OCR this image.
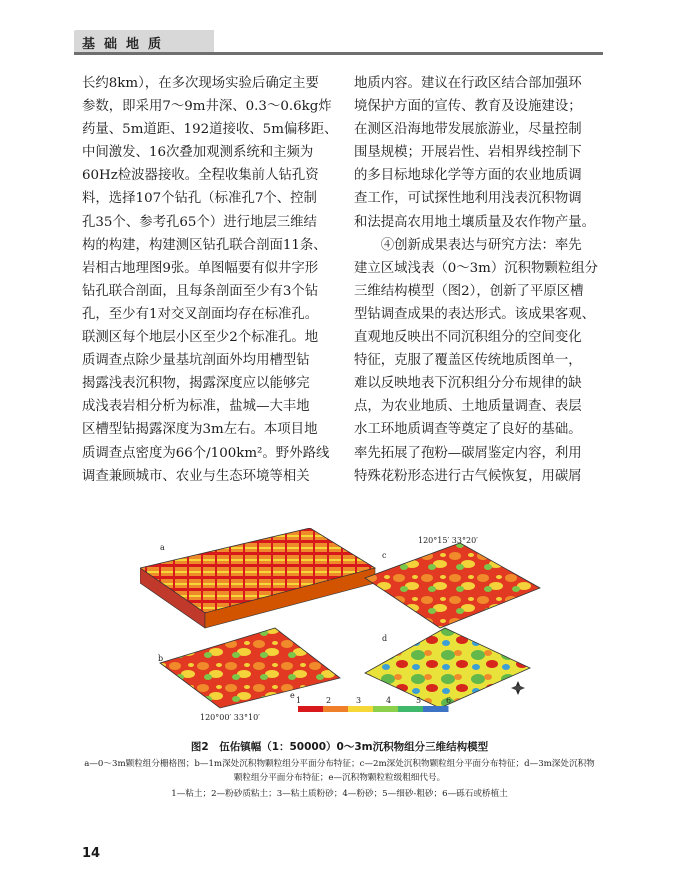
基础地质
长约8km），在多次现场实验后确定主要
参数，即采用7～9m井深、0.3～0.6kg炸
药量、5m道距、192道接收、5m偏移距、
中间激发、16次叠加观测系统和主频为
60Hz检波器接收。全程收集前人钻孔资
料，选择107个钻孔（标准孔7个、控制
孔35个、参考孔65个）进行地层三维结
构的构建，构建测区钻孔联合剖面11条、
岩相古地理图9张。单图幅要有似井字形
钻孔联合剖面，且每条剖面至少有3个钻
孔，至少有1对交叉剖面均存在标准孔。
联测区每个地层小区至少2个标准孔。地
质调查点除少量基坑剖面外均用槽型钻
揭露浅表沉积物，揭露深度应以能够完
成浅表岩相分析为标准，盐城—大丰地
区槽型钻揭露深度为3m左右。本项目地
质调查点密度为66个/100km²。野外路线
调查兼顾城市、农业与生态环境等相关
地质内容。建议在行政区结合部加强环
境保护方面的宣传、教育及设施建设；
在测区沿海地带发展旅游业，尽量控制
围垦规模；开展岩性、岩相界线控制下
的多目标地球化学等方面的农业地质调
查工作，可试探性地利用浅表沉积物调
和法提高农用地土壤质量及农作物产量。
　　④创新成果表达与研究方法：率先
建立区域浅表（0～3m）沉积物颗粒组分
三维结构模型（图2），创新了平原区槽
型钻调查成果的表达形式。该成果客观、
直观地反映出不同沉积组分的空间变化
特征，克服了覆盖区传统地质图单一，
难以反映地表下沉积组分分布规律的缺
点，为农业地质、土地质量调查、表层
水工环地质调查等奠定了良好的基础。
率先拓展了孢粉—碳屑鉴定内容，利用
特殊花粉形态进行古气候恢复，用碳屑
a
120°15′ 33°20′
c
b
120°00′ 33°10′
d
e
1	2	3	4	5	6
图2　伍佑镇幅（1：50000）0～3m沉积物组分三维结构模型
a—0～3m颗粒组分栅格图；b—1m深处沉积物颗粒组分平面分布特征；c—2m深处沉积物颗粒组分平面分布特征；d—3m深处沉积物
颗粒组分平面分布特征；e—沉积物颗粒粒级粗细代号。
1—粘土；2—粉砂质粘土；3—粘土质粉砂；4—粉砂；5—细砂-粗砂；6—砾石或桥植土
14
